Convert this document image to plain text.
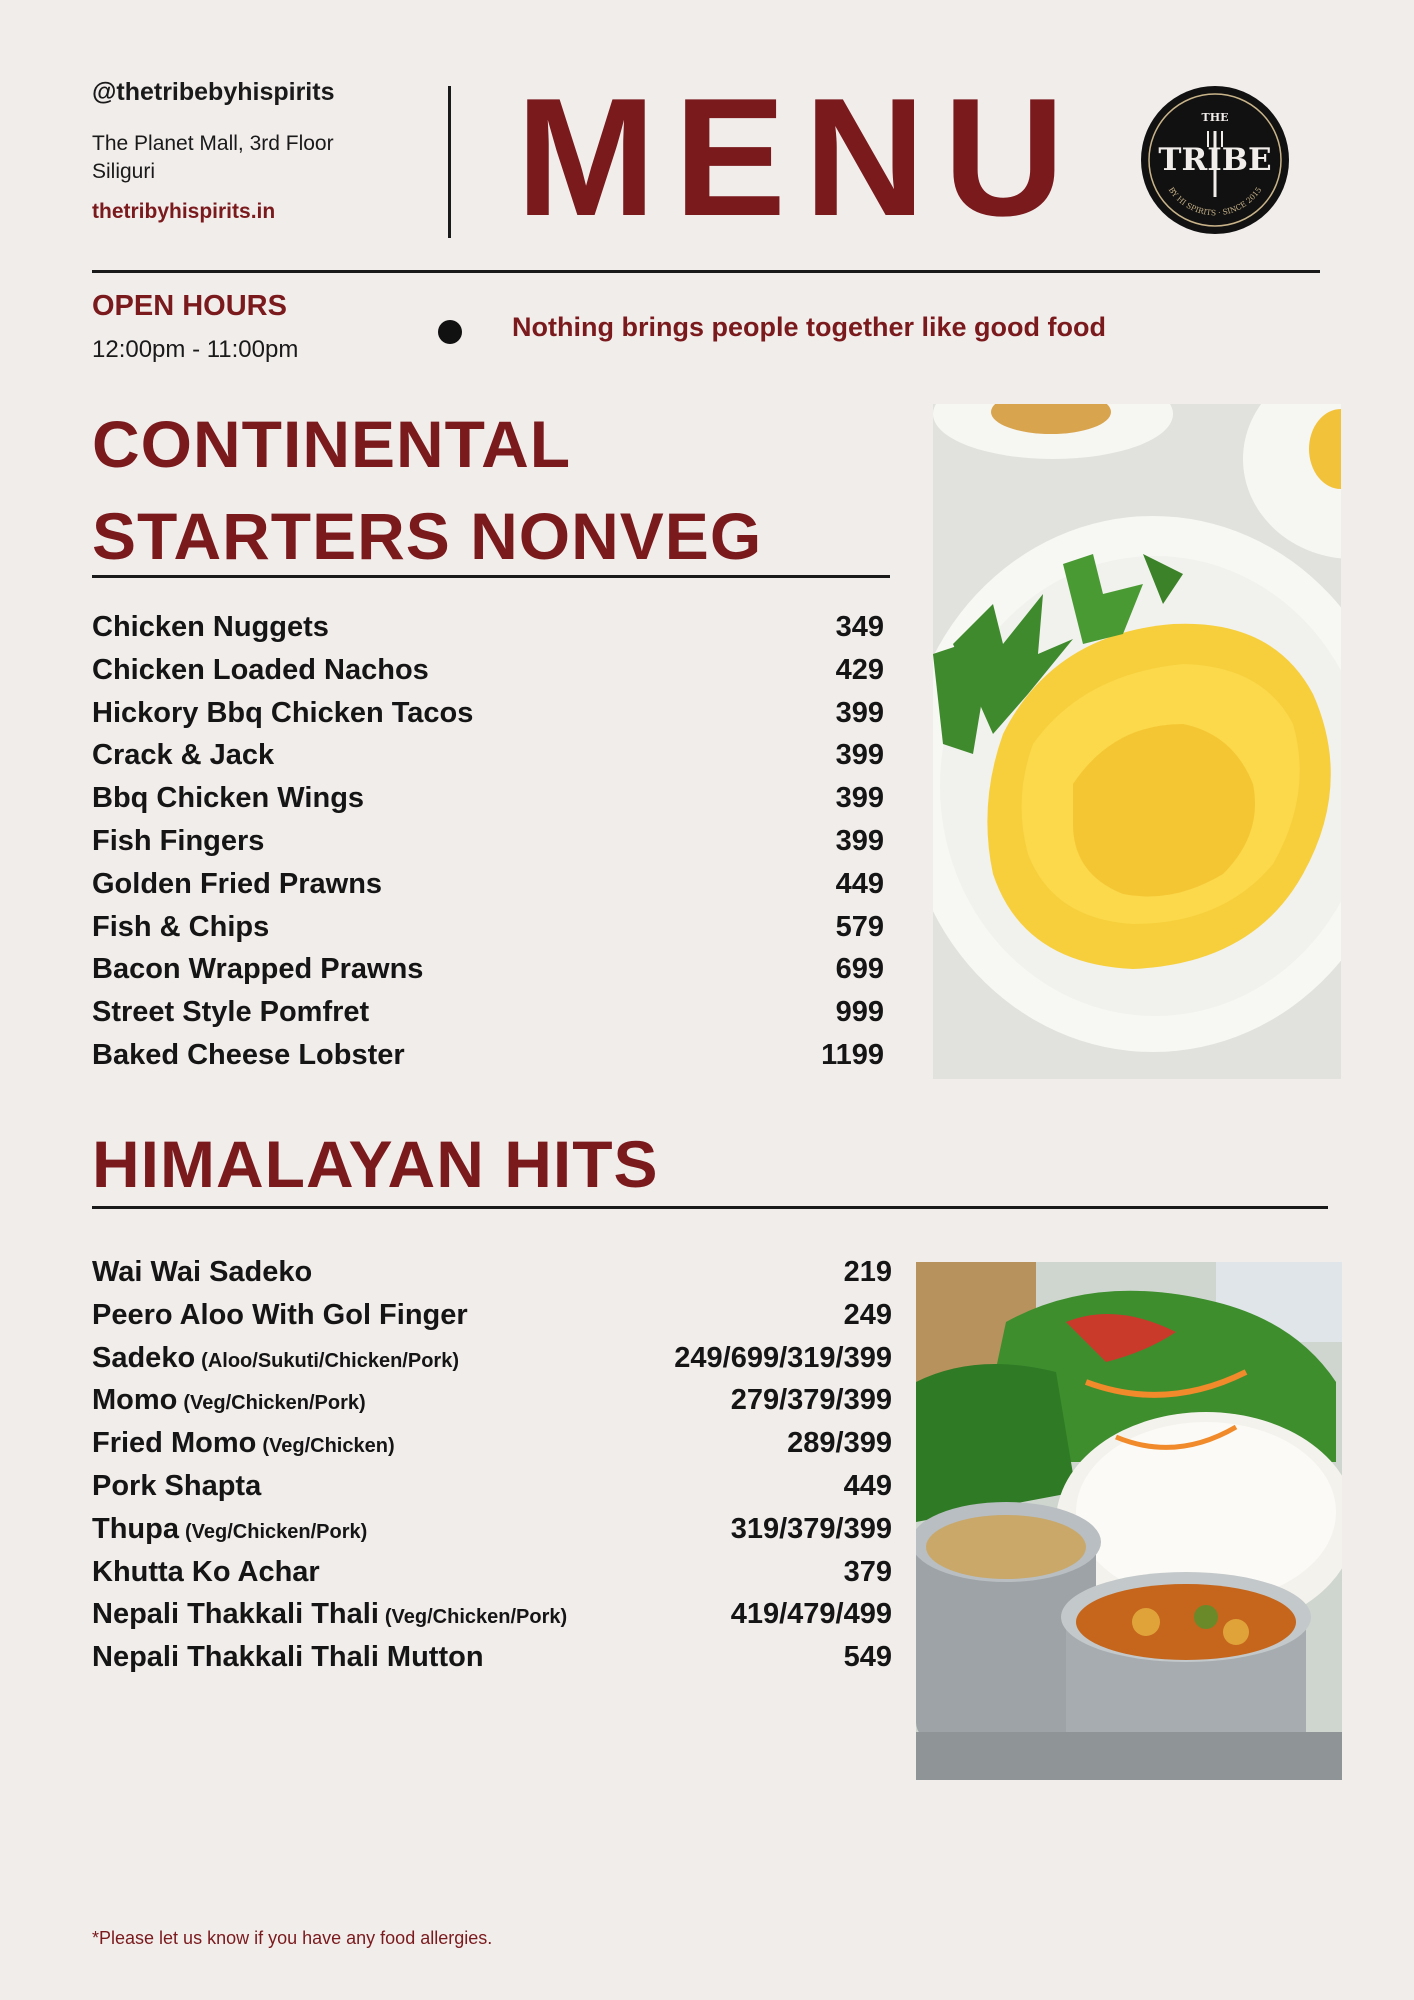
@thetribebyhispirits
The Planet Mall, 3rd Floor
Siliguri
thetribyhispirits.in MENU	THE
TRIBE
BY HI SPIRITS · SINCE 2015
OPEN HOURS
12:00pm - 11:00pm
Nothing brings people together like good food
CONTINENTAL
STARTERS NONVEG
Chicken Nuggets	349
Chicken Loaded Nachos	429
Hickory Bbq Chicken Tacos	399
Crack & Jack	399
Bbq Chicken Wings	399
Fish Fingers	399
Golden Fried Prawns	449
Fish & Chips	579
Bacon Wrapped Prawns	699
Street Style Pomfret	999
Baked Cheese Lobster	1199
HIMALAYAN HITS
Wai Wai Sadeko	219
Peero Aloo With Gol Finger	249
Sadeko (Aloo/Sukuti/Chicken/Pork)	249/699/319/399
Momo (Veg/Chicken/Pork)	279/379/399
Fried Momo (Veg/Chicken)	289/399
Pork Shapta	449
Thupa (Veg/Chicken/Pork)	319/379/399
Khutta Ko Achar	379
Nepali Thakkali Thali (Veg/Chicken/Pork)	419/479/499
Nepali Thakkali Thali Mutton	549
*Please let us know if you have any food allergies.
